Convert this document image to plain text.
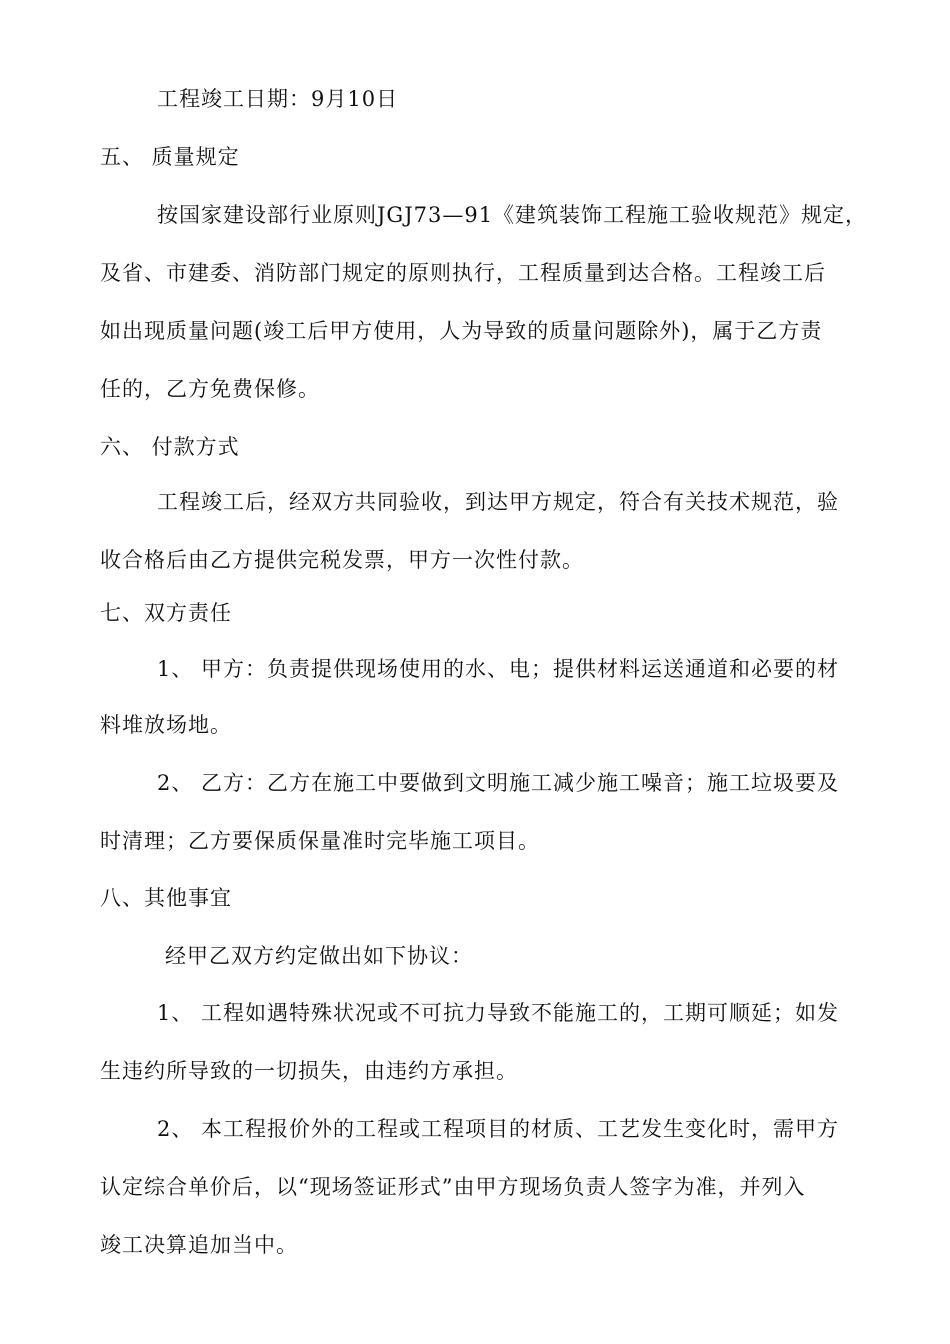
工程竣工日期：9月10日
五、 质量规定
按国家建设部行业原则JGJ73—91《建筑装饰工程施工验收规范》规定，
及省、市建委、消防部门规定的原则执行，工程质量到达合格。工程竣工后
如出现质量问题(竣工后甲方使用，人为导致的质量问题除外)，属于乙方责
任的，乙方免费保修。
六、 付款方式
工程竣工后，经双方共同验收，到达甲方规定，符合有关技术规范，验
收合格后由乙方提供完税发票，甲方一次性付款。
七、双方责任
1、 甲方：负责提供现场使用的水、电；提供材料运送通道和必要的材
料堆放场地。
2、 乙方：乙方在施工中要做到文明施工减少施工噪音；施工垃圾要及
时清理；乙方要保质保量准时完毕施工项目。
八、其他事宜
经甲乙双方约定做出如下协议：
1、 工程如遇特殊状况或不可抗力导致不能施工的，工期可顺延；如发
生违约所导致的一切损失，由违约方承担。
2、 本工程报价外的工程或工程项目的材质、工艺发生变化时，需甲方
认定综合单价后，以“现场签证形式”由甲方现场负责人签字为准，并列入
竣工决算追加当中。
